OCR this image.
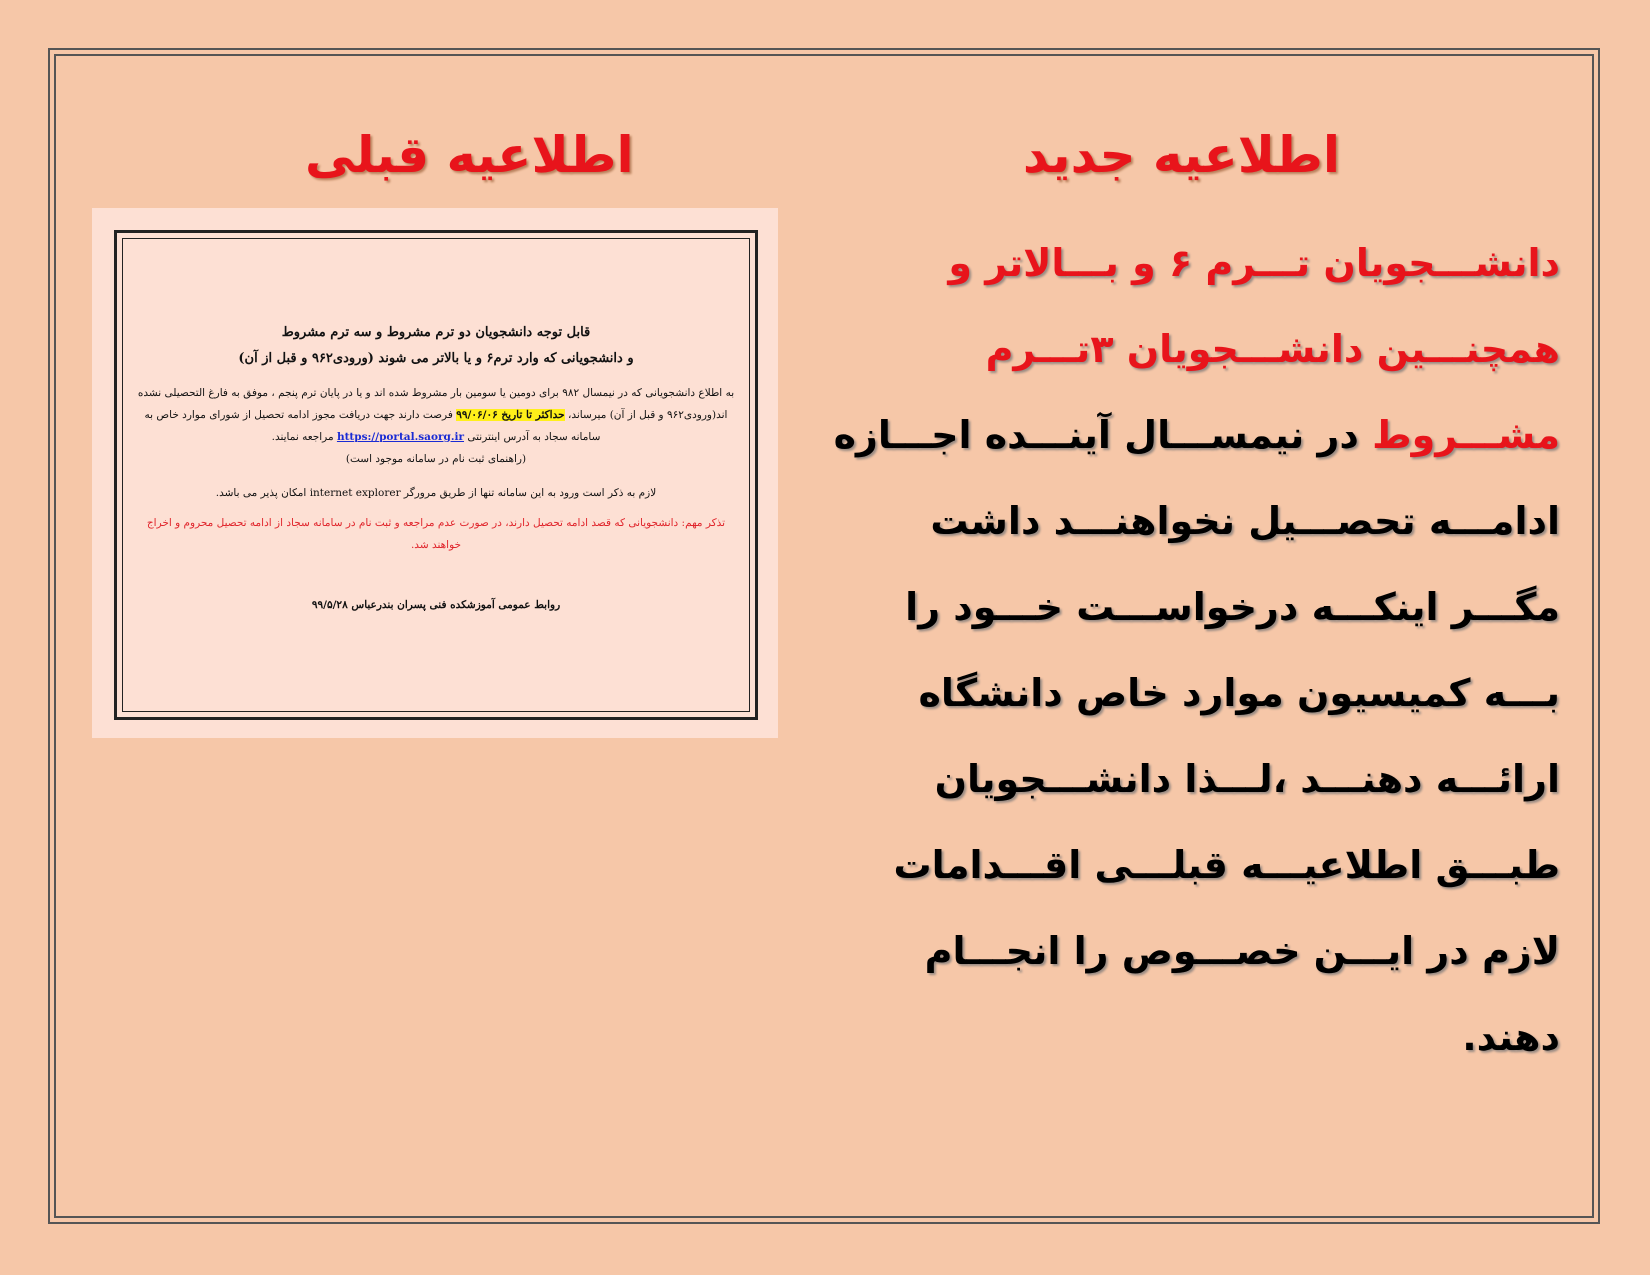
اطلاعیه جدید
اطلاعیه قبلی
دانشـــجویان تـــرم ۶ و بـــالاتر و همچنـــین دانشـــجویان ۳تـــرم مشـــروط در نیمســـال آینـــده اجـــازه ادامـــه تحصـــیل نخواهنـــد داشت مگـــر اینکـــه درخواســـت خـــود را بـــه کمیسیون موارد خاص دانشگاه ارائـــه دهنـــد ،لـــذا دانشـــجویان طبـــق اطلاعیـــه قبلـــی اقـــدامات لازم در ایـــن خصـــوص را انجـــام دهند.
قابل توجه دانشجویان دو ترم مشروط و سه ترم مشروط
و دانشجویانی که وارد ترم۶ و یا بالاتر می شوند (ورودی۹۶۲ و قبل از آن)
به اطلاع دانشجویانی که در نیمسال ۹۸۲ برای دومین یا سومین بار مشروط شده اند و یا در پایان ترم پنجم ، موفق به فارغ التحصیلی نشده اند(ورودی۹۶۲ و قبل از آن) میرساند، حداکثر تا تاریخ ۹۹/۰۶/۰۶ فرصت دارند جهت دریافت مجوز ادامه تحصیل از شورای موارد خاص به سامانه سجاد به آدرس اینترنتی https://portal.saorg.ir مراجعه نمایند.
(راهنمای ثبت نام در سامانه موجود است)
لازم به ذکر است ورود به این سامانه تنها از طریق مرورگر internet explorer امکان پذیر می باشد.
تذکر مهم: دانشجویانی که قصد ادامه تحصیل دارند، در صورت عدم مراجعه و ثبت نام در سامانه سجاد از ادامه تحصیل محروم و اخراج خواهند شد.
روابط عمومی آموزشکده فنی پسران بندرعباس ۹۹/۵/۲۸
